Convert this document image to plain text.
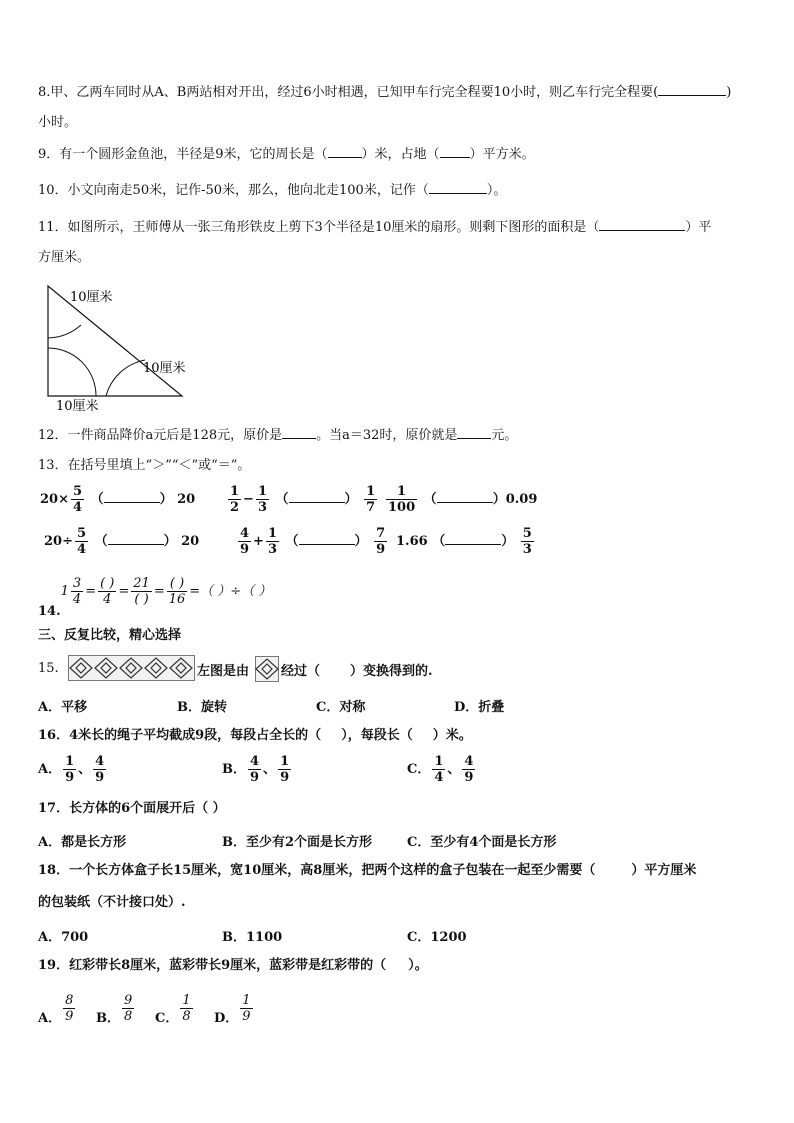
8.甲、乙两车同时从A、B两站相对开出，经过6小时相遇，已知甲车行完全程要10小时，则乙车行完全程要(	)
小时。
9．有一个圆形金鱼池，半径是9米，它的周长是（	）米，占地（ ）平方米。
10．小文向南走50米，记作-50米，那么，他向北走100米，记作（	）。
11．如图所示，王师傅从一张三角形铁皮上剪下3个半径是10厘米的扇形。则剩下图形的面积是（	）平
方厘米。
10厘米
10厘米
10厘米
12．一件商品降价a元后是128元，原价是	。当a＝32时，原价就是	元。
13．在括号里填上“＞”“＜”或“＝”。
$20\times \frac{5}{4}$ （	） 20	$\frac{1}{2} - \frac{1}{3}$ （	） $\frac{1}{7} \frac{1}{100}$ （	）0.09
$20\div \frac{5}{4}$ （	） 20	$\frac{4}{9} + \frac{1}{3}$ （	） $\frac{7}{9} 1.66$ （	） $\frac{5}{3}$
$14.1 \frac{3}{4} = \frac{( )}{4} = \frac{21}{( )} = \frac{( )}{16}$ =（ ）÷（ ）
三、反复比较，精心选择
15.	左图是由 经过（ ）变换得到的.
A．平移	B．旋转	C．对称	D．折叠
16．4米长的绳子平均截成9段，每段占全长的（ ），每段长（ ）米。
A． $\frac{1}{9}$ 、 $\frac{4}{9}$	B． $\frac{4}{9}$ 、 $\frac{1}{9}$	C． $\frac{1}{4}$ 、 $\frac{4}{9}$
17．长方体的6个面展开后（ ）
A．都是长方形	B．至少有2个面是长方形	C．至少有4个面是长方形
18．一个长方体盒子长15厘米，宽10厘米，高8厘米，把两个这样的盒子包装在一起至少需要（	）平方厘米
的包装纸（不计接口处）.
A．700	B．1100	C．1200
19．红彩带长8厘米，蓝彩带长9厘米，蓝彩带是红彩带的（ ）。
A． $\frac{8}{9}$ B． $\frac{9}{8}$ C． $\frac{1}{8}$ D． $\frac{1}{9}$
